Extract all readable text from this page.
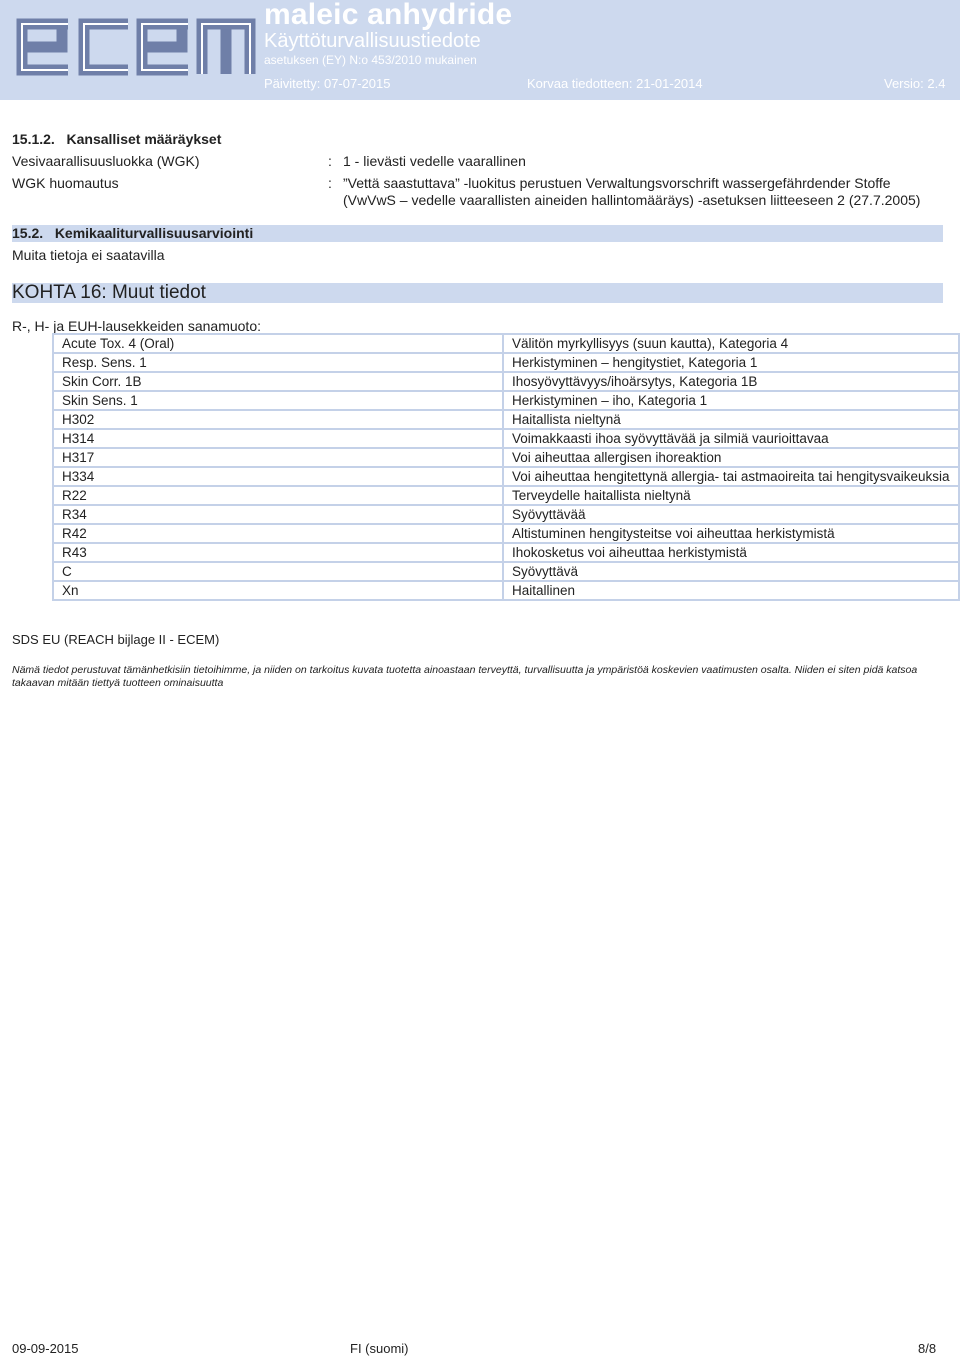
ecem
maleic anhydride
Käyttöturvallisuustiedote
asetuksen (EY) N:o 453/2010 mukainen
Päivitetty: 07-07-2015	Korvaa tiedotteen: 21-01-2014	Versio: 2.4
15.1.2. Kansalliset määräykset
Vesivaarallisuusluokka (WGK)	: 1 - lievästi vedelle vaarallinen
WGK huomautus	: ”Vettä saastuttava” -luokitus perustuen Verwaltungsvorschrift wassergefährdender Stoffe
(VwVwS – vedelle vaarallisten aineiden hallintomääräys) -asetuksen liitteeseen 2 (27.7.2005)
15.2. Kemikaaliturvallisuusarviointi
Muita tietoja ei saatavilla
KOHTA 16: Muut tiedot
R-, H- ja EUH-lausekkeiden sanamuoto:
Acute Tox. 4 (Oral)	Välitön myrkyllisyys (suun kautta), Kategoria 4
Resp. Sens. 1	Herkistyminen – hengitystiet, Kategoria 1
Skin Corr. 1B	Ihosyövyttävyys/ihoärsytys, Kategoria 1B
Skin Sens. 1	Herkistyminen – iho, Kategoria 1
H302	Haitallista nieltynä
H314	Voimakkaasti ihoa syövyttävää ja silmiä vaurioittavaa
H317	Voi aiheuttaa allergisen ihoreaktion
H334	Voi aiheuttaa hengitettynä allergia- tai astmaoireita tai hengitysvaikeuksia
R22	Terveydelle haitallista nieltynä
R34	Syövyttävää
R42	Altistuminen hengitysteitse voi aiheuttaa herkistymistä
R43	Ihokosketus voi aiheuttaa herkistymistä
C	Syövyttävä
Xn	Haitallinen
SDS EU (REACH bijlage II - ECEM)
Nämä tiedot perustuvat tämänhetkisiin tietoihimme, ja niiden on tarkoitus kuvata tuotetta ainoastaan terveyttä, turvallisuutta ja ympäristöä koskevien vaatimusten osalta. Niiden ei siten pidä katsoa takaavan mitään tiettyä tuotteen ominaisuutta
09-09-2015	FI (suomi)	8/8
